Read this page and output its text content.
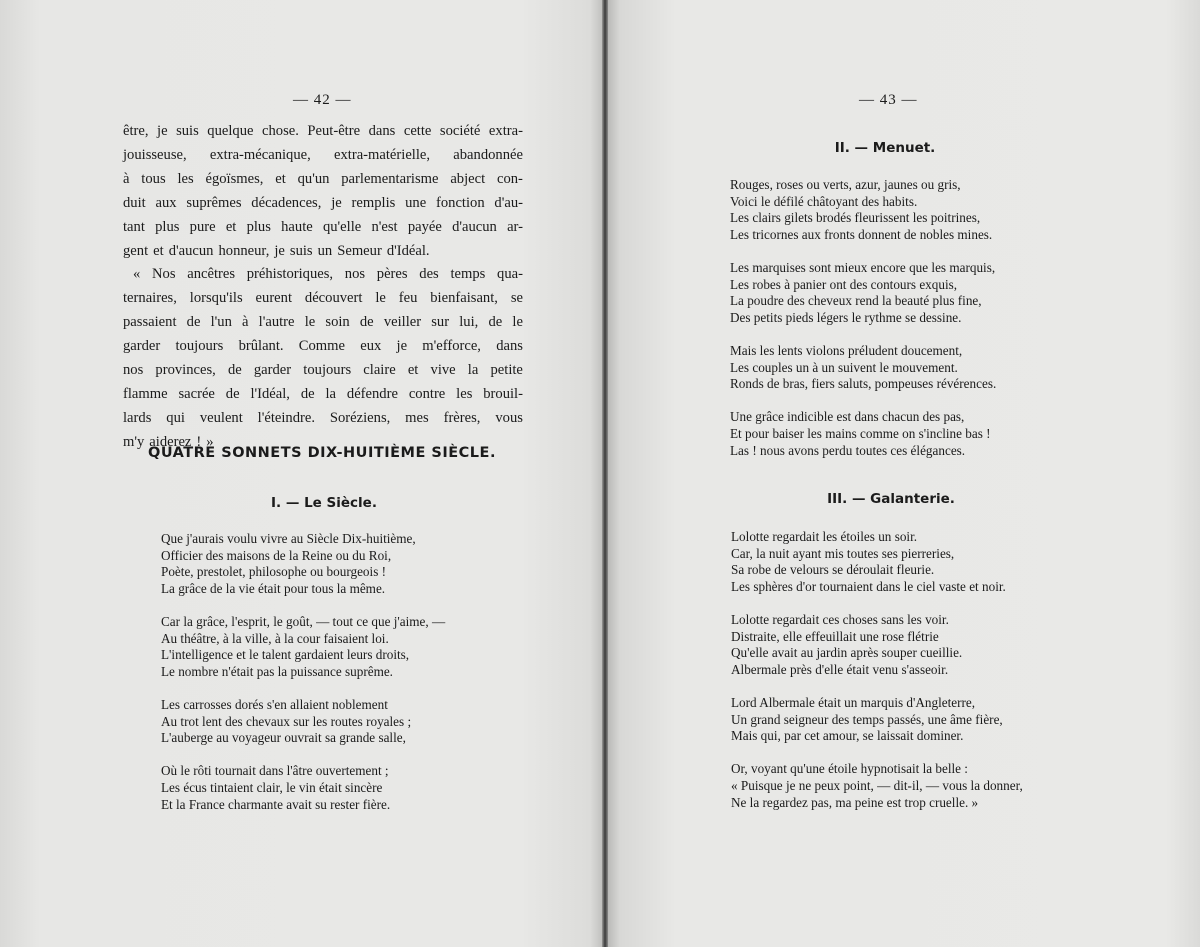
— 42 —
être, je suis quelque chose. Peut-être dans cette société extra-
jouisseuse, extra-mécanique, extra-matérielle, abandonnée
à tous les égoïsmes, et qu'un parlementarisme abject con-
duit aux suprêmes décadences, je remplis une fonction d'au-
tant plus pure et plus haute qu'elle n'est payée d'aucun ar-
gent et d'aucun honneur, je suis un Semeur d'Idéal.
« Nos ancêtres préhistoriques, nos pères des temps qua-
ternaires, lorsqu'ils eurent découvert le feu bienfaisant, se
passaient de l'un à l'autre le soin de veiller sur lui, de le
garder toujours brûlant. Comme eux je m'efforce, dans
nos provinces, de garder toujours claire et vive la petite
flamme sacrée de l'Idéal, de la défendre contre les brouil-
lards qui veulent l'éteindre. Soréziens, mes frères, vous
m'y aiderez ! »
QUATRE SONNETS DIX-HUITIÈME SIÈCLE.
I. — Le Siècle.
Que j'aurais voulu vivre au Siècle Dix-huitième,
Officier des maisons de la Reine ou du Roi,
Poète, prestolet, philosophe ou bourgeois !
La grâce de la vie était pour tous la même.
Car la grâce, l'esprit, le goût, — tout ce que j'aime, —
Au théâtre, à la ville, à la cour faisaient loi.
L'intelligence et le talent gardaient leurs droits,
Le nombre n'était pas la puissance suprême.
Les carrosses dorés s'en allaient noblement
Au trot lent des chevaux sur les routes royales ;
L'auberge au voyageur ouvrait sa grande salle,
Où le rôti tournait dans l'âtre ouvertement ;
Les écus tintaient clair, le vin était sincère
Et la France charmante avait su rester fière.
— 43 —
II. — Menuet.
Rouges, roses ou verts, azur, jaunes ou gris,
Voici le défilé châtoyant des habits.
Les clairs gilets brodés fleurissent les poitrines,
Les tricornes aux fronts donnent de nobles mines.
Les marquises sont mieux encore que les marquis,
Les robes à panier ont des contours exquis,
La poudre des cheveux rend la beauté plus fine,
Des petits pieds légers le rythme se dessine.
Mais les lents violons préludent doucement,
Les couples un à un suivent le mouvement.
Ronds de bras, fiers saluts, pompeuses révérences.
Une grâce indicible est dans chacun des pas,
Et pour baiser les mains comme on s'incline bas !
Las ! nous avons perdu toutes ces élégances.
III. — Galanterie.
Lolotte regardait les étoiles un soir.
Car, la nuit ayant mis toutes ses pierreries,
Sa robe de velours se déroulait fleurie.
Les sphères d'or tournaient dans le ciel vaste et noir.
Lolotte regardait ces choses sans les voir.
Distraite, elle effeuillait une rose flétrie
Qu'elle avait au jardin après souper cueillie.
Albermale près d'elle était venu s'asseoir.
Lord Albermale était un marquis d'Angleterre,
Un grand seigneur des temps passés, une âme fière,
Mais qui, par cet amour, se laissait dominer.
Or, voyant qu'une étoile hypnotisait la belle :
« Puisque je ne peux point, — dit-il, — vous la donner,
Ne la regardez pas, ma peine est trop cruelle. »
